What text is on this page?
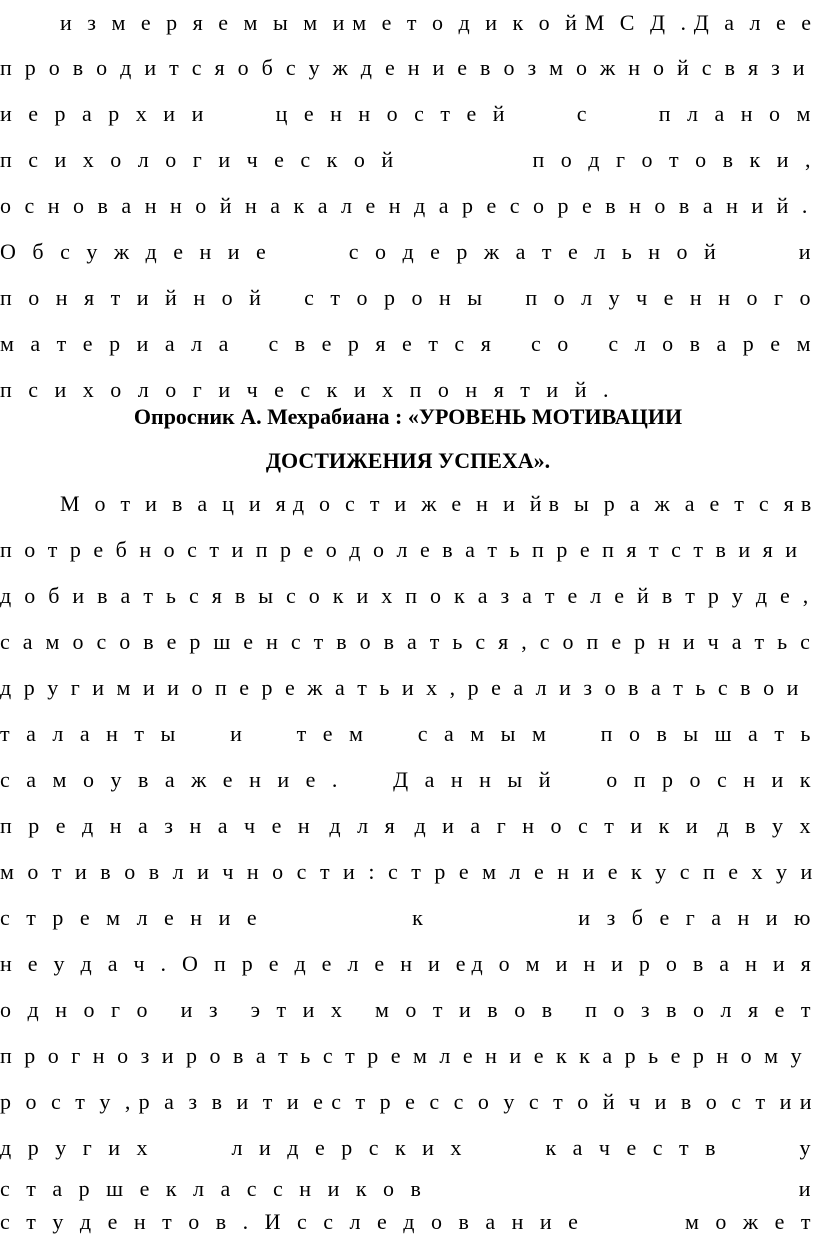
и з м е р я е м ы м и м е т о д и к о й М С Д . Д а л е е
п р о в о д и т с я о б с у ж д е н и е в о з м о ж н о й с в я з и
и е р а р х и и	ц е н н о с т е й	с	п л а н о м
п с и х о л о г и ч е с к о й	п о д г о т о в к и ,
о с н о в а н н о й н а к а л е н д а р е с о р е в н о в а н и й .
О б с у ж д е н и е	с о д е р ж а т е л ь н о й	и
п о н я т и й н о й с т о р о н ы п о л у ч е н н о г о
м а т е р и а л а с в е р я е т с я с о с л о в а р е м
п с и х о л о г и ч е с к и х п о н я т и й .
Опросник А. Мехрабиана : «УРОВЕНЬ МОТИВАЦИИ
ДОСТИЖЕНИЯ УСПЕХА».
М о т и в а ц и я д о с т и ж е н и й в ы р а ж а е т с я в
п о т р е б н о с т и п р е о д о л е в а т ь п р е п я т с т в и я и
д о б и в а т ь с я в ы с о к и х п о к а з а т е л е й в т р у д е ,
с а м о с о в е р ш е н с т в о в а т ь с я , с о п е р н и ч а т ь с
д р у г и м и и о п е р е ж а т ь и х , р е а л и з о в а т ь с в о и
т а л а н т ы и т е м с а м ы м п о в ы ш а т ь
с а м о у в а ж е н и е . Д а н н ы й о п р о с н и к
п р е д н а з н а ч е н д л я д и а г н о с т и к и д в у х
м о т и в о в л и ч н о с т и : с т р е м л е н и е к у с п е х у и
с т р е м л е н и е	к	и з б е г а н и ю
н е у д а ч . О п р е д е л е н и е д о м и н и р о в а н и я
о д н о г о и з э т и х м о т и в о в п о з в о л я е т
п р о г н о з и р о в а т ь с т р е м л е н и е к к а р ь е р н о м у
р о с т у , р а з в и т и е с т р е с с о у с т о й ч и в о с т и и
д р у г и х	л и д е р с к и х	к а ч е с т в	у
с т а р ш е к л а с с н и к о в	и
с т у д е н т о в . И с с л е д о в а н и е	м о ж е т
